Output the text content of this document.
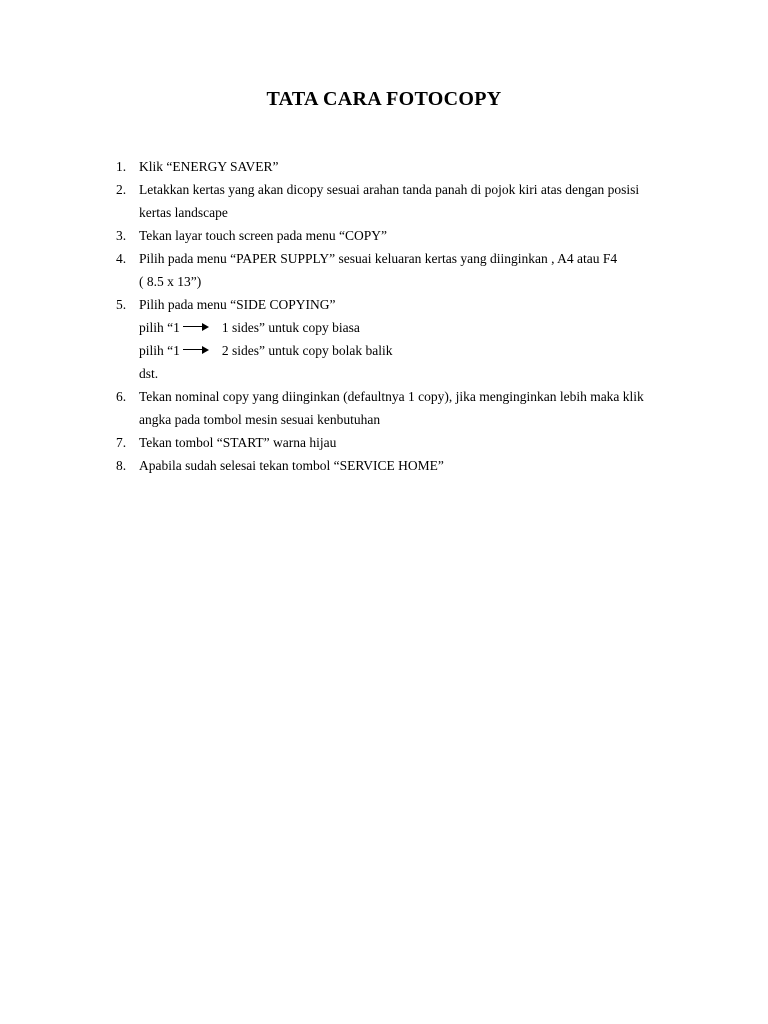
TATA CARA FOTOCOPY
1. Klik “ENERGY SAVER”
2. Letakkan kertas yang akan dicopy sesuai arahan tanda panah di pojok kiri atas dengan posisi
kertas landscape
3. Tekan layar touch screen pada menu “COPY”
4. Pilih pada menu “PAPER SUPPLY” sesuai keluaran kertas yang diinginkan , A4 atau F4
( 8.5 x 13”)
5. Pilih pada menu “SIDE COPYING”
pilih “1	1 sides” untuk copy biasa
pilih “1	2 sides” untuk copy bolak balik
dst.
6. Tekan nominal copy yang diinginkan (defaultnya 1 copy), jika menginginkan lebih maka klik
angka pada tombol mesin sesuai kenbutuhan
7. Tekan tombol “START” warna hijau
8. Apabila sudah selesai tekan tombol “SERVICE HOME”
